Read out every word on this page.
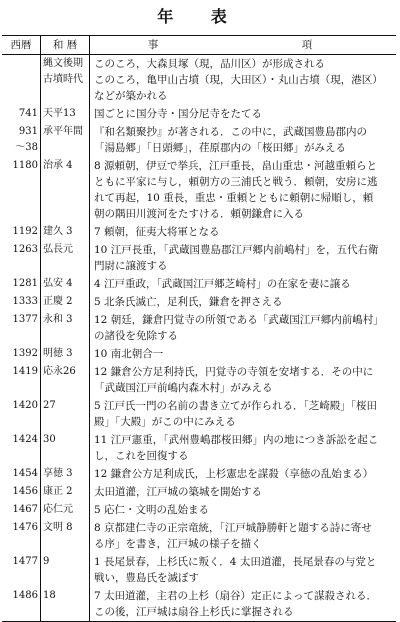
年 表
西暦	和 暦	事　　　項
	縄文後期
古墳時代	このころ，大森貝塚（現，品川区）が形成される
このころ，亀甲山古墳（現，大田区）・丸山古墳（現，港区）
などが築かれる
741	天平13	国ごとに国分寺・国分尼寺をたてる
931
～38	承平年間	『和名類聚抄』が著される．この中に，武蔵国豊島郡内の
「湯島郷」「日頭郷」，荏原郡内の「桜田郷」がみえる
1180	治承 4	8 源頼朝，伊豆で挙兵，江戸重長，畠山重忠・河越重頼らと
ともに平家に与し，頼朝方の三浦氏と戦う．頼朝，安房に逃
れて再起，10 重長，重忠・重頼とともに頼朝に帰順し，頼
朝の隅田川渡河をたすける．頼朝鎌倉に入る
1192	建久 3	7 頼朝，征夷大将軍となる
1263	弘長元	10 江戸長重，「武蔵国豊島郡江戸郷内前嶋村」を，五代右衛
門尉に譲渡する
1281	弘安 4	4 江戸重政，「武蔵国江戸郷芝崎村」の在家を妻に譲る
1333	正慶 2	5 北条氏滅亡，足利氏，鎌倉を押さえる
1377	永和 3	12 朝廷，鎌倉円覚寺の所領である「武蔵国江戸郷内前嶋村」
の諸役を免除する
1392	明徳 3	10 南北朝合一
1419	応永26	12 鎌倉公方足利持氏，円覚寺の寺領を安堵する．その中に
「武蔵国江戸前嶋内森木村」がみえる
1420	27	5 江戸氏一門の名前の書き立てが作られる．「芝崎殿」「桜田
殿」「大殿」がこの中にみえる
1424	30	11 江戸憲重，「武州豊嶋郡桜田郷」内の地につき訴訟を起こ
し，これを回復する
1454	享徳 3	12 鎌倉公方足利成氏，上杉憲忠を謀殺（享徳の乱始まる）
1456	康正 2	太田道灌，江戸城の築城を開始する
1467	応仁元	5 応仁・文明の乱始まる
1476	文明 8	8 京都建仁寺の正宗竜統，「江戸城静勝軒と題する詩に寄せ
る序」を書き，江戸城の様子を描く
1477	9	1 長尾景春，上杉氏に叛く．4 太田道灌，長尾景春の与党と
戦い，豊島氏を滅ぼす
1486	18	7 太田道灌，主君の上杉（扇谷）定正によって謀殺される．
この後，江戸城は扇谷上杉氏に掌握される
